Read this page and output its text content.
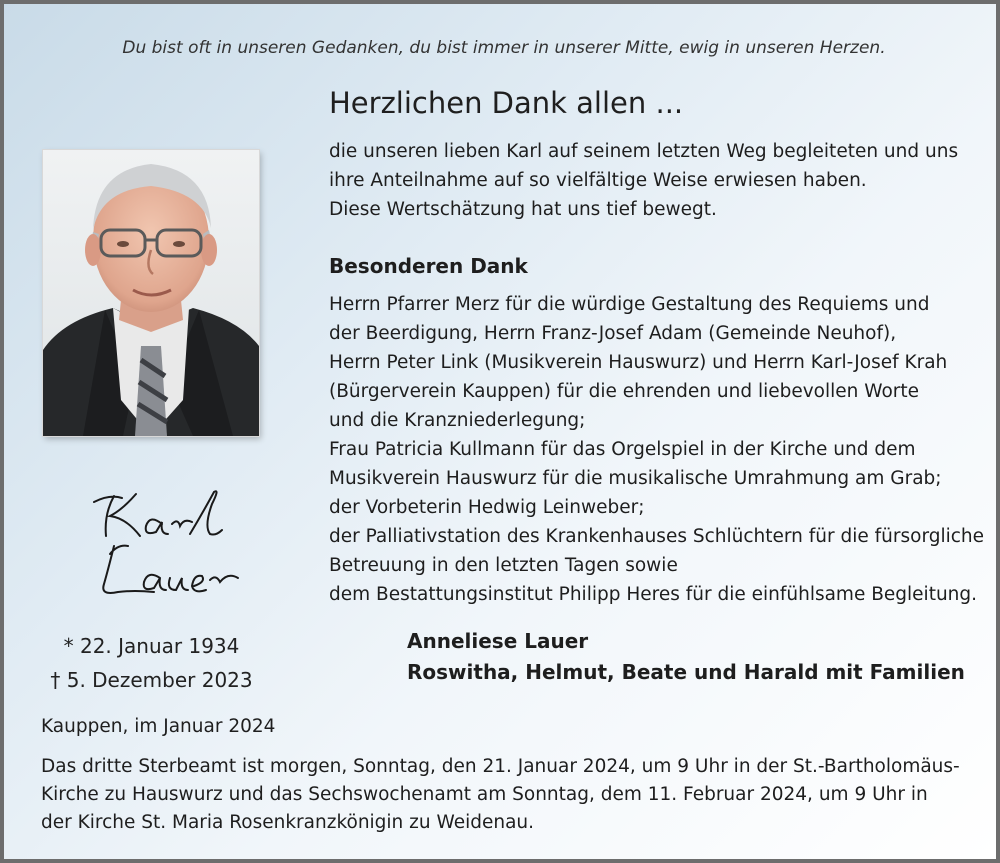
Du bist oft in unseren Gedanken, du bist immer in unserer Mitte, ewig in unseren Herzen.
* 22. Januar 1934
† 5. Dezember 2023
Herzlichen Dank allen ...
die unseren lieben Karl auf seinem letzten Weg begleiteten und uns
ihre Anteilnahme auf so vielfältige Weise erwiesen haben.
Diese Wertschätzung hat uns tief bewegt.
Besonderen Dank
Herrn Pfarrer Merz für die würdige Gestaltung des Requiems und
der Beerdigung, Herrn Franz-Josef Adam (Gemeinde Neuhof),
Herrn Peter Link (Musikverein Hauswurz) und Herrn Karl-Josef Krah
(Bürgerverein Kauppen) für die ehrenden und liebevollen Worte
und die Kranzniederlegung;
Frau Patricia Kullmann für das Orgelspiel in der Kirche und dem
Musikverein Hauswurz für die musikalische Umrahmung am Grab;
der Vorbeterin Hedwig Leinweber;
der Palliativstation des Krankenhauses Schlüchtern für die fürsorgliche
Betreuung in den letzten Tagen sowie
dem Bestattungsinstitut Philipp Heres für die einfühlsame Begleitung.
Anneliese Lauer
Roswitha, Helmut, Beate und Harald mit Familien
Kauppen, im Januar 2024
Das dritte Sterbeamt ist morgen, Sonntag, den 21. Januar 2024, um 9 Uhr in der St.-Bartholomäus-
Kirche zu Hauswurz und das Sechswochenamt am Sonntag, dem 11. Februar 2024, um 9 Uhr in
der Kirche St. Maria Rosenkranzkönigin zu Weidenau.
